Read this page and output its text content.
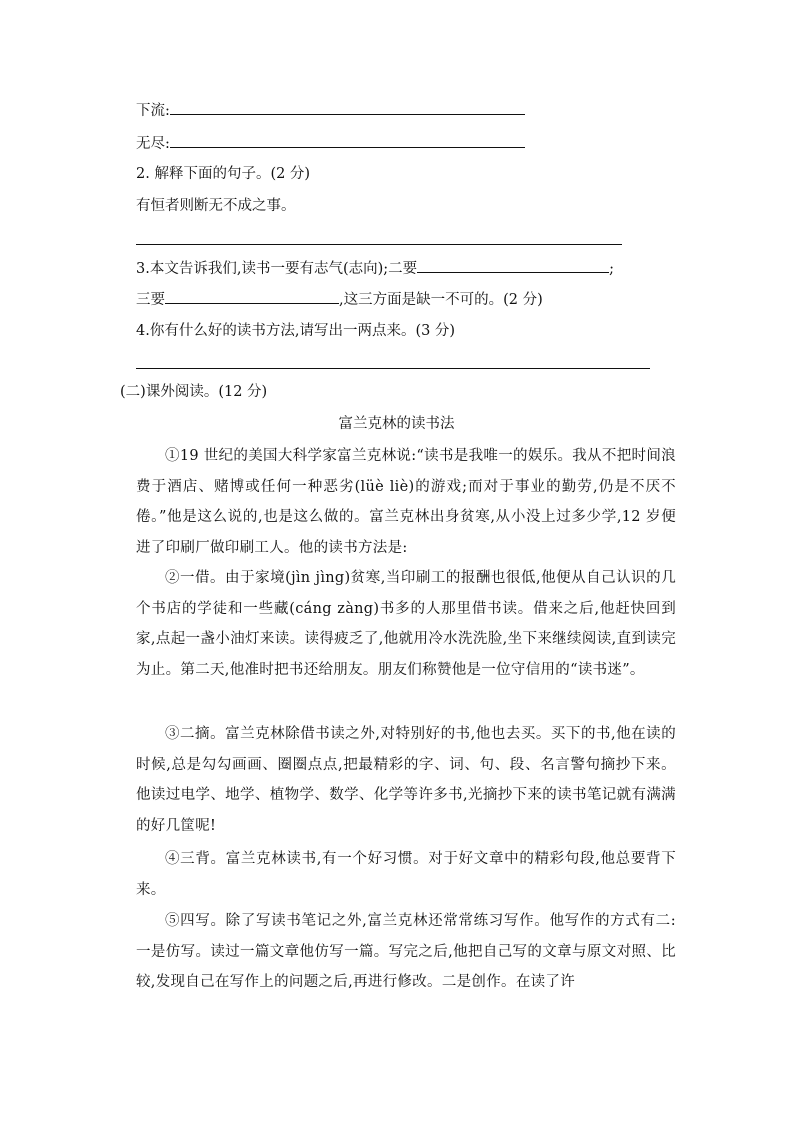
下流:
无尽:
2. 解释下面的句子。(2 分)
有恒者则断无不成之事。
3.本文告诉我们,读书一要有志气(志向);二要	;
三要	,这三方面是缺一不可的。(2 分)
4.你有什么好的读书方法,请写出一两点来。(3 分)
(二)课外阅读。(12 分)
富兰克林的读书法
①19 世纪的美国大科学家富兰克林说:“读书是我唯一的娱乐。我从不把时间浪费于酒店、赌博或任何一种恶劣(lüè liè)的游戏;而对于事业的勤劳,仍是不厌不倦。”他是这么说的,也是这么做的。富兰克林出身贫寒,从小没上过多少学,12 岁便进了印刷厂做印刷工人。他的读书方法是:
②一借。由于家境(jìn jìng)贫寒,当印刷工的报酬也很低,他便从自己认识的几个书店的学徒和一些藏(cáng zàng)书多的人那里借书读。借来之后,他赶快回到家,点起一盏小油灯来读。读得疲乏了,他就用冷水洗洗脸,坐下来继续阅读,直到读完为止。第二天,他准时把书还给朋友。朋友们称赞他是一位守信用的“读书迷”。
③二摘。富兰克林除借书读之外,对特别好的书,他也去买。买下的书,他在读的时候,总是勾勾画画、圈圈点点,把最精彩的字、词、句、段、名言警句摘抄下来。他读过电学、地学、植物学、数学、化学等许多书,光摘抄下来的读书笔记就有满满的好几筐呢!
④三背。富兰克林读书,有一个好习惯。对于好文章中的精彩句段,他总要背下来。
⑤四写。除了写读书笔记之外,富兰克林还常常练习写作。他写作的方式有二:一是仿写。读过一篇文章他仿写一篇。写完之后,他把自己写的文章与原文对照、比较,发现自己在写作上的问题之后,再进行修改。二是创作。在读了许
